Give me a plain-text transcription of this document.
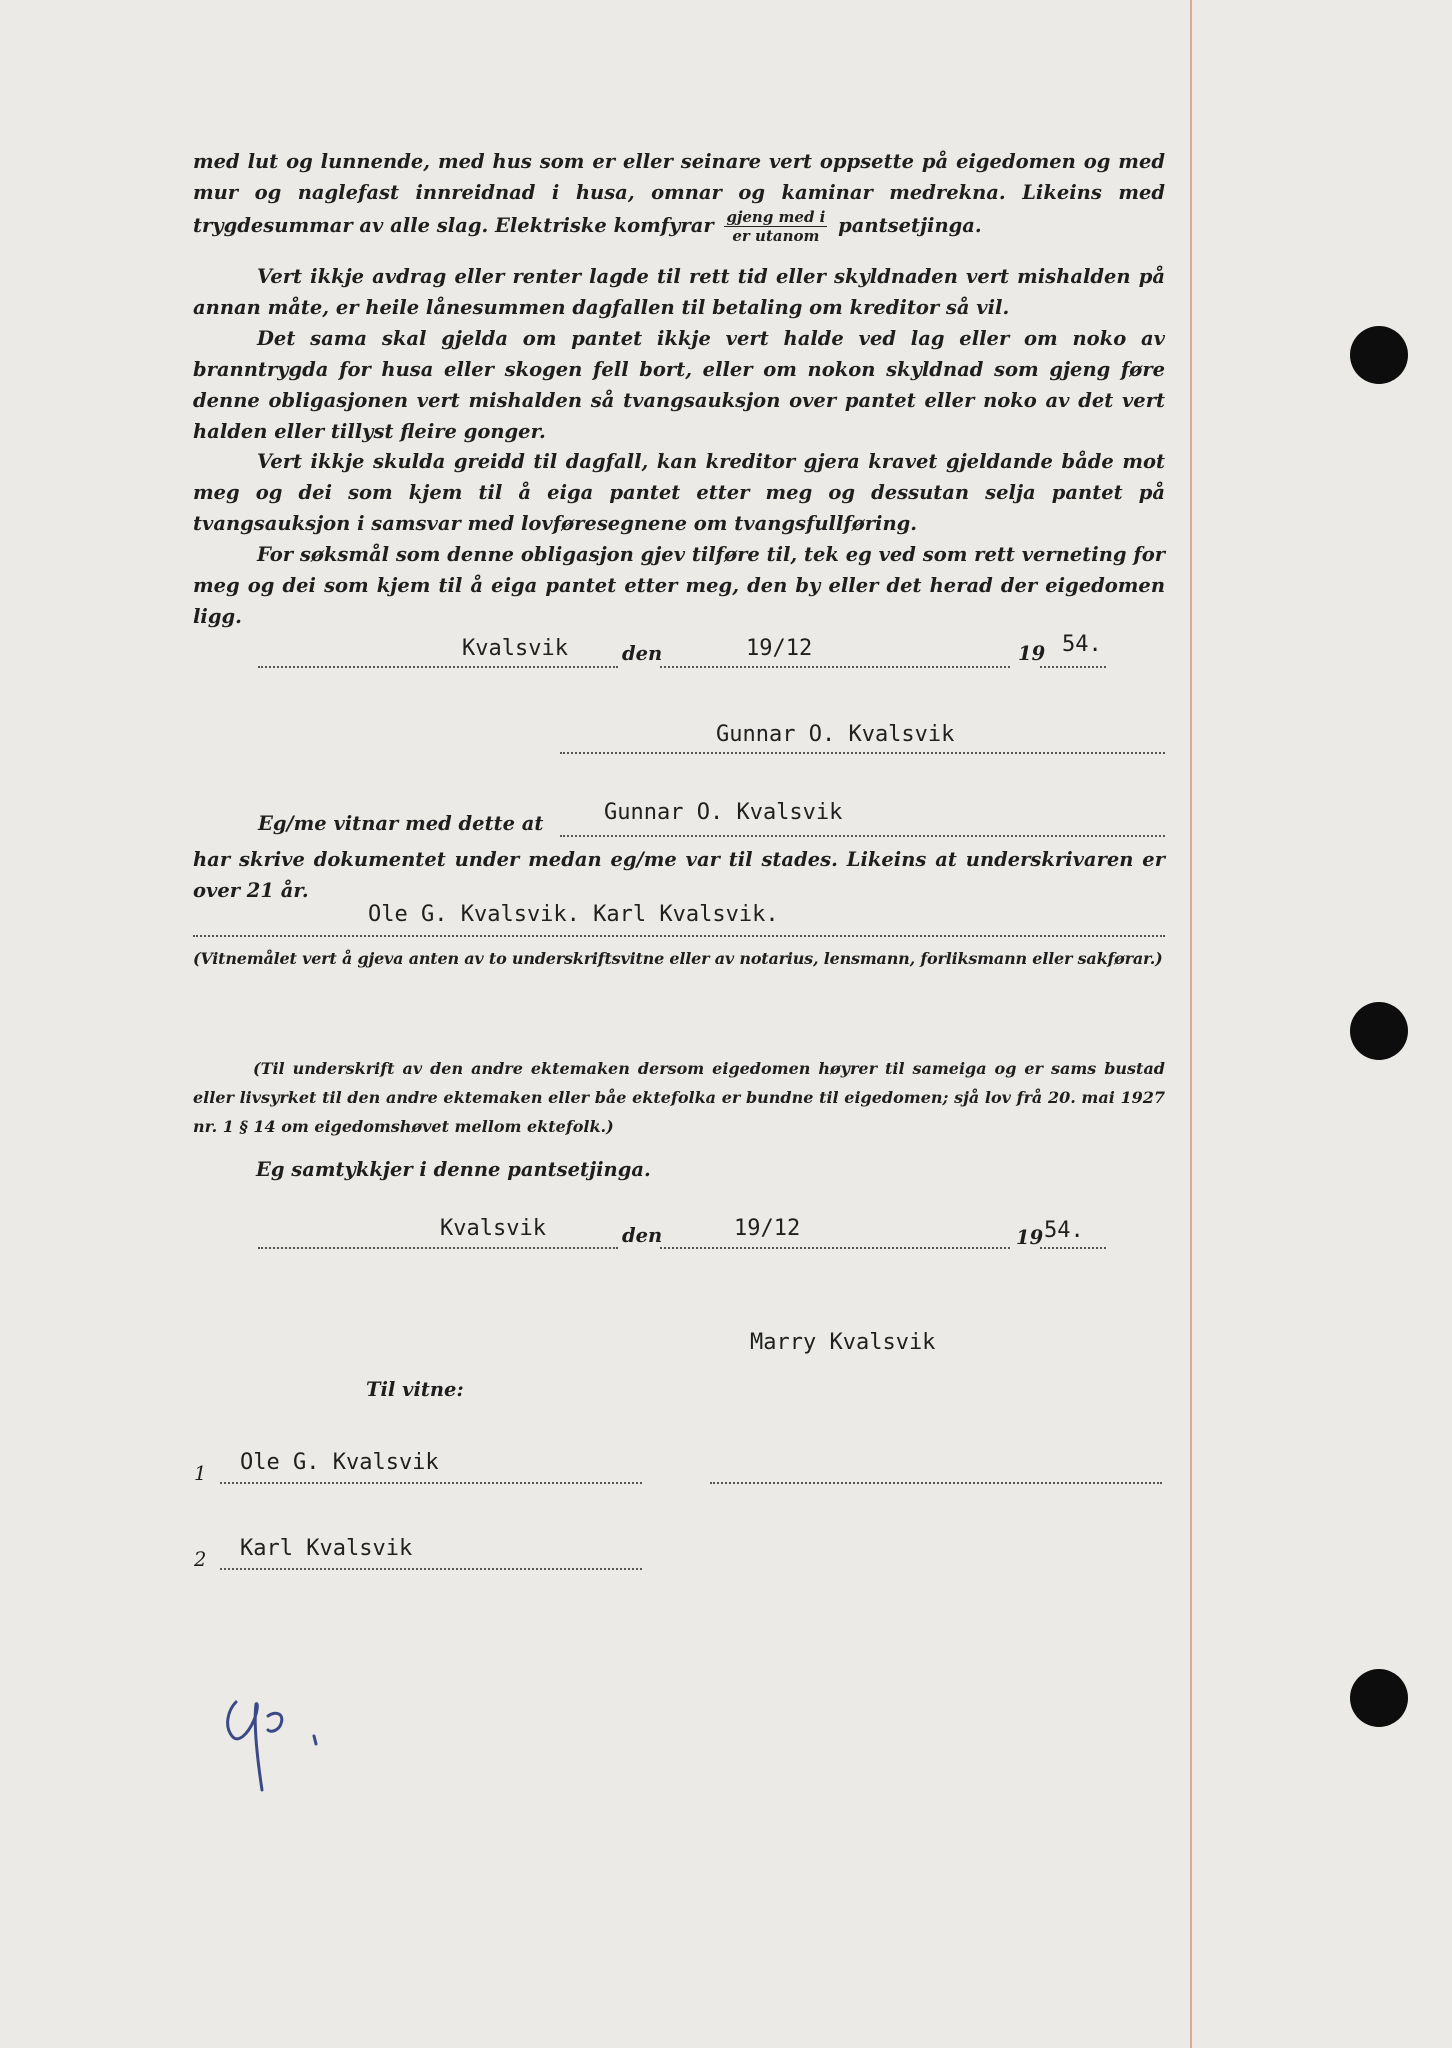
med lut og lunnende, med hus som er eller seinare vert oppsette på eigedomen og med mur og naglefast innreidnad i husa, omnar og kaminar medrekna. Likeins med trygdesummar av alle slag. Elektriske komfyrar $\frac{\text{gjeng med i}}{\text{er utanom}}$ pantsetjinga.

Vert ikkje avdrag eller renter lagde til rett tid eller skyldnaden vert mishalden på annan måte, er heile lånesummen dagfallen til betaling om kreditor så vil.

Det sama skal gjelda om pantet ikkje vert halde ved lag eller om noko av branntrygda for husa eller skogen fell bort, eller om nokon skyldnad som gjeng føre denne obligasjonen vert mishalden så tvangsauksjon over pantet eller noko av det vert halden eller tillyst fleire gonger.

Vert ikkje skulda greidd til dagfall, kan kreditor gjera kravet gjeldande både mot meg og dei som kjem til å eiga pantet etter meg og dessutan selja pantet på tvangsauksjon i samsvar med lovføresegnene om tvangsfullføring.

For søksmål som denne obligasjon gjev tilføre til, tek eg ved som rett verneting for meg og dei som kjem til å eiga pantet etter meg, den by eller det herad der eigedomen ligg.

Kvalsvik	den	19/12	19 54.
Gunnar O. Kvalsvik
Eg/me vitnar med dette at	Gunnar O. Kvalsvik

har skrive dokumentet under medan eg/me var til stades. Likeins at underskrivaren er over 21 år.

Ole G. Kvalsvik. Karl Kvalsvik.

(Vitnemålet vert å gjeva anten av to underskriftsvitne eller av notarius, lensmann, forliksmann eller sakførar.)

(Til underskrift av den andre ektemaken dersom eigedomen høyrer til sameiga og er sams bustad eller livsyrket til den andre ektemaken eller båe ektefolka er bundne til eigedomen; sjå lov frå 20. mai 1927 nr. 1 § 14 om eigedomshøvet mellom ektefolk.)

Eg samtykkjer i denne pantsetjinga.
Kvalsvik	den	19/12	19 54.
Marry Kvalsvik
Til vitne:
1 Ole G. Kvalsvik
2 Karl Kvalsvik
